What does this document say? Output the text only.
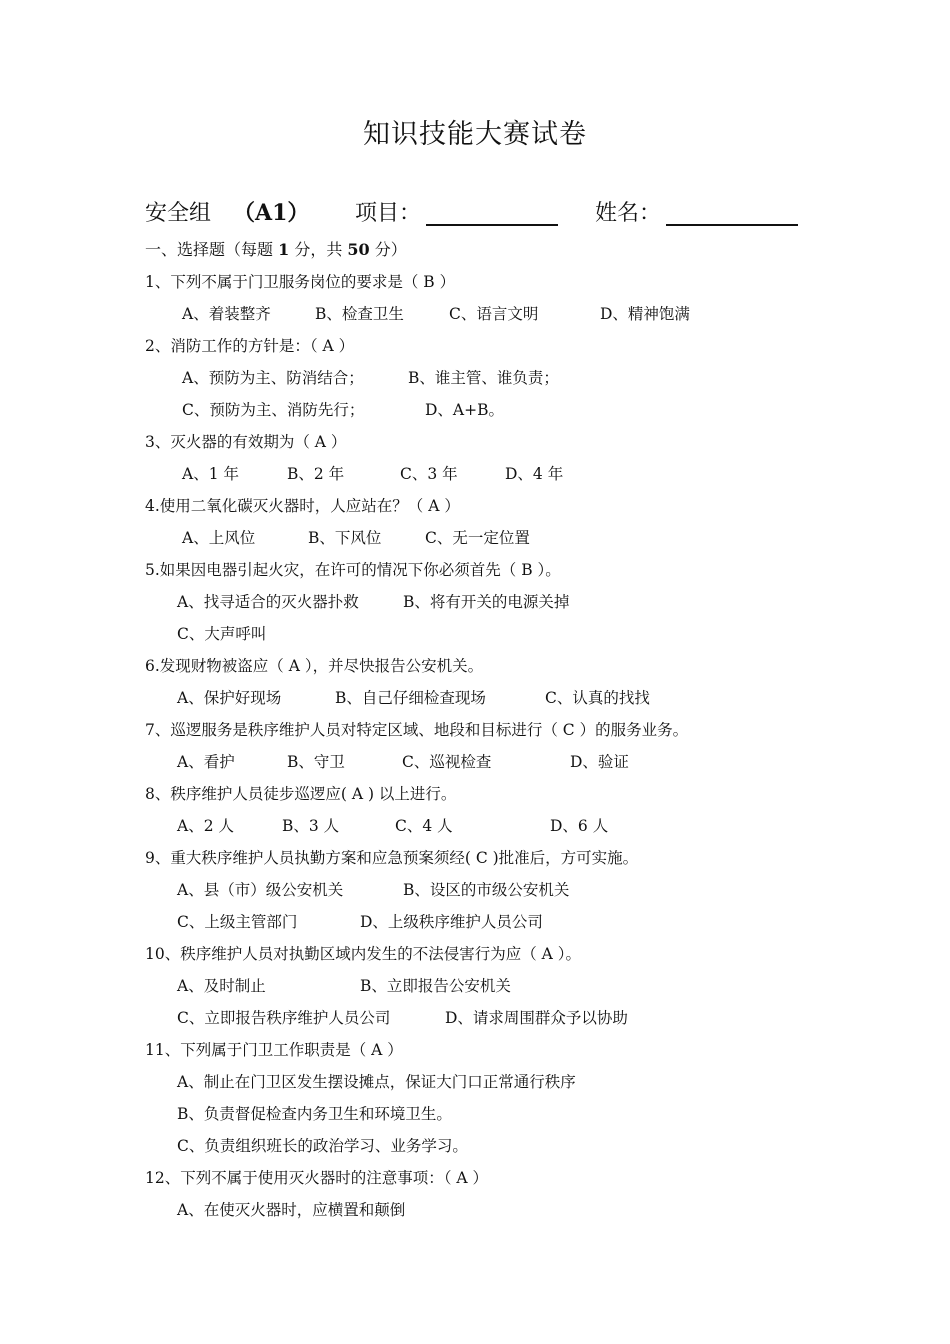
知识技能大赛试卷
安全组 （A1） 项目：	姓名：
一、选择题（每题 1 分，共 50 分）
1、下列不属于门卫服务岗位的要求是（ B ）
A、着装整齐	B、检查卫生	C、语言文明	D、精神饱满
2、消防工作的方针是：（ A ）
A、预防为主、防消结合；	B、谁主管、谁负责；
C、预防为主、消防先行；	D、A+B。
3、灭火器的有效期为（ A ）
A、1 年	B、2 年	C、3 年	D、4 年
4.使用二氧化碳灭火器时，人应站在？（ A ）
A、上风位	B、下风位	C、无一定位置
5.如果因电器引起火灾，在许可的情况下你必须首先（ B ）。
A、找寻适合的灭火器扑救	B、将有开关的电源关掉
C、大声呼叫
6.发现财物被盗应（ A ），并尽快报告公安机关。
A、保护好现场	B、自己仔细检查现场	C、认真的找找
7、巡逻服务是秩序维护人员对特定区域、地段和目标进行（ C ）的服务业务。
A、看护	B、守卫	C、巡视检查	D、验证
8、秩序维护人员徒步巡逻应( A ) 以上进行。
A、2 人	B、3 人	C、4 人	D、6 人
9、重大秩序维护人员执勤方案和应急预案须经( C )批准后，方可实施。
A、县（市）级公安机关	B、设区的市级公安机关
C、上级主管部门	D、上级秩序维护人员公司
10、秩序维护人员对执勤区域内发生的不法侵害行为应（ A ）。
A、及时制止	B、立即报告公安机关
C、立即报告秩序维护人员公司	D、请求周围群众予以协助
11、下列属于门卫工作职责是（ A ）
A、制止在门卫区发生摆设摊点，保证大门口正常通行秩序
B、负责督促检查内务卫生和环境卫生。
C、负责组织班长的政治学习、业务学习。
12、下列不属于使用灭火器时的注意事项：（ A ）
A、在使灭火器时，应横置和颠倒
